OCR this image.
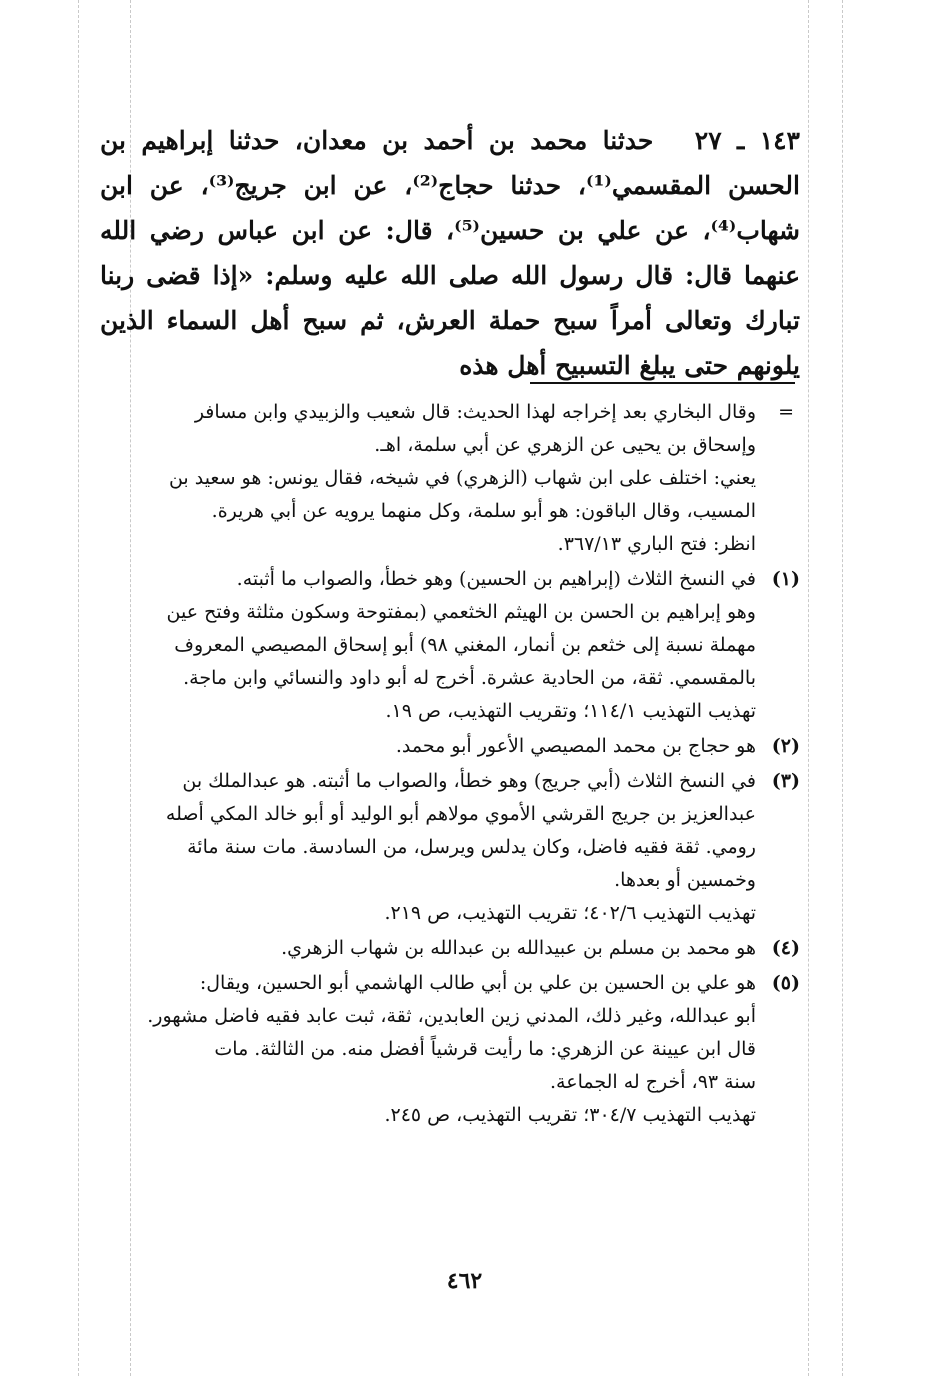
١٤٣ ـ ٢٧ حدثنا محمد بن أحمد بن معدان، حدثنا إبراهيم بن الحسن المقسمي⁽¹⁾، حدثنا حجاج⁽²⁾، عن ابن جريج⁽³⁾، عن ابن شهاب⁽⁴⁾، عن علي بن حسين⁽⁵⁾، قال: عن ابن عباس رضي الله عنهما قال: قال رسول الله صلى الله عليه وسلم: «إذا قضى ربنا تبارك وتعالى أمراً سبح حملة العرش، ثم سبح أهل السماء الذين يلونهم حتى يبلغ التسبيح أهل هذه

=

وقال البخاري بعد إخراجه لهذا الحديث: قال شعيب والزبيدي وابن مسافر

وإسحاق بن يحيى عن الزهري عن أبي سلمة، اهـ.

يعني: اختلف على ابن شهاب (الزهري) في شيخه، فقال يونس: هو سعيد بن

المسيب، وقال الباقون: هو أبو سلمة، وكل منهما يرويه عن أبي هريرة.

انظر: فتح الباري ٣٦٧/١٣.

(١)

في النسخ الثلاث (إبراهيم بن الحسين) وهو خطأ، والصواب ما أثبته.

وهو إبراهيم بن الحسن بن الهيثم الخثعمي (بمفتوحة وسكون مثلثة وفتح عين

مهملة نسبة إلى خثعم بن أنمار، المغني ٩٨) أبو إسحاق المصيصي المعروف

بالمقسمي. ثقة، من الحادية عشرة. أخرج له أبو داود والنسائي وابن ماجة.

تهذيب التهذيب ١١٤/١؛ وتقريب التهذيب، ص ١٩.

(٢)

هو حجاج بن محمد المصيصي الأعور أبو محمد.

(٣)

في النسخ الثلاث (أبي جريج) وهو خطأ، والصواب ما أثبته. هو عبدالملك بن

عبدالعزيز بن جريج القرشي الأموي مولاهم أبو الوليد أو أبو خالد المكي أصله

رومي. ثقة فقيه فاضل، وكان يدلس ويرسل، من السادسة. مات سنة مائة

وخمسين أو بعدها.

تهذيب التهذيب ٤٠٢/٦؛ تقريب التهذيب، ص ٢١٩.

(٤)

هو محمد بن مسلم بن عبيدالله بن عبدالله بن شهاب الزهري.

(٥)

هو علي بن الحسين بن علي بن أبي طالب الهاشمي أبو الحسين، ويقال:

أبو عبدالله، وغير ذلك، المدني زين العابدين، ثقة، ثبت عابد فقيه فاضل مشهور.

قال ابن عيينة عن الزهري: ما رأيت قرشياً أفضل منه. من الثالثة. مات

سنة ٩٣، أخرج له الجماعة.

تهذيب التهذيب ٣٠٤/٧؛ تقريب التهذيب، ص ٢٤٥.

٤٦٢
